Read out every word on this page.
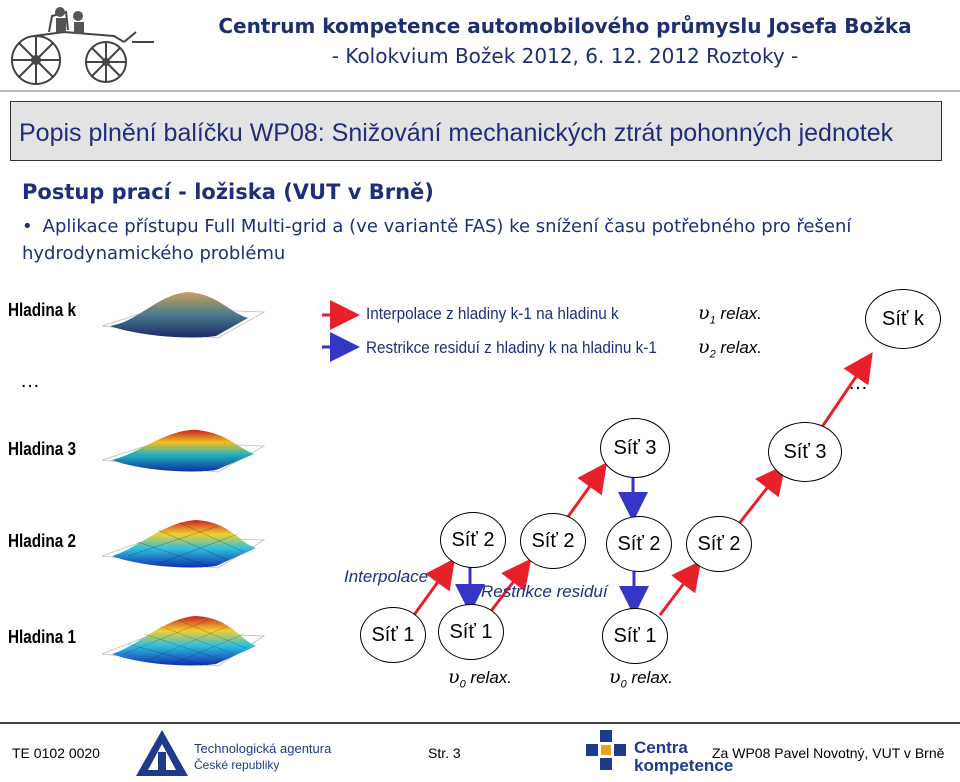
Centrum kompetence automobilového průmyslu Josefa Božka
- Kolokvium Božek 2012, 6. 12. 2012 Roztoky -
Popis plnění balíčku WP08: Snižování mechanických ztrát pohonných jednotek
Postup prací - ložiska (VUT v Brně)
• Aplikace přístupu Full Multi-grid a (ve variantě FAS) ke snížení času potřebného pro řešení hydrodynamického problému
Hladina k
…
Hladina 3
Hladina 2
Hladina 1
Interpolace z hladiny k-1 na hladinu k
Restrikce residuí z hladiny k na hladinu k-1
$\upsilon_1$ relax.
$\upsilon_2$ relax.
Síť k
…
Síť 3	Síť 3
Síť 2	Síť 2	Síť 2	Síť 2
Síť 1	Síť 1	Síť 1
Interpolace
Restrikce residuí
$\upsilon_0$ relax.	$\upsilon_0$ relax.
TE 0102 0020	Technologická agentura
České republiky
Str. 3	Centra
kompetence
Za WP08 Pavel Novotný, VUT v Brně
